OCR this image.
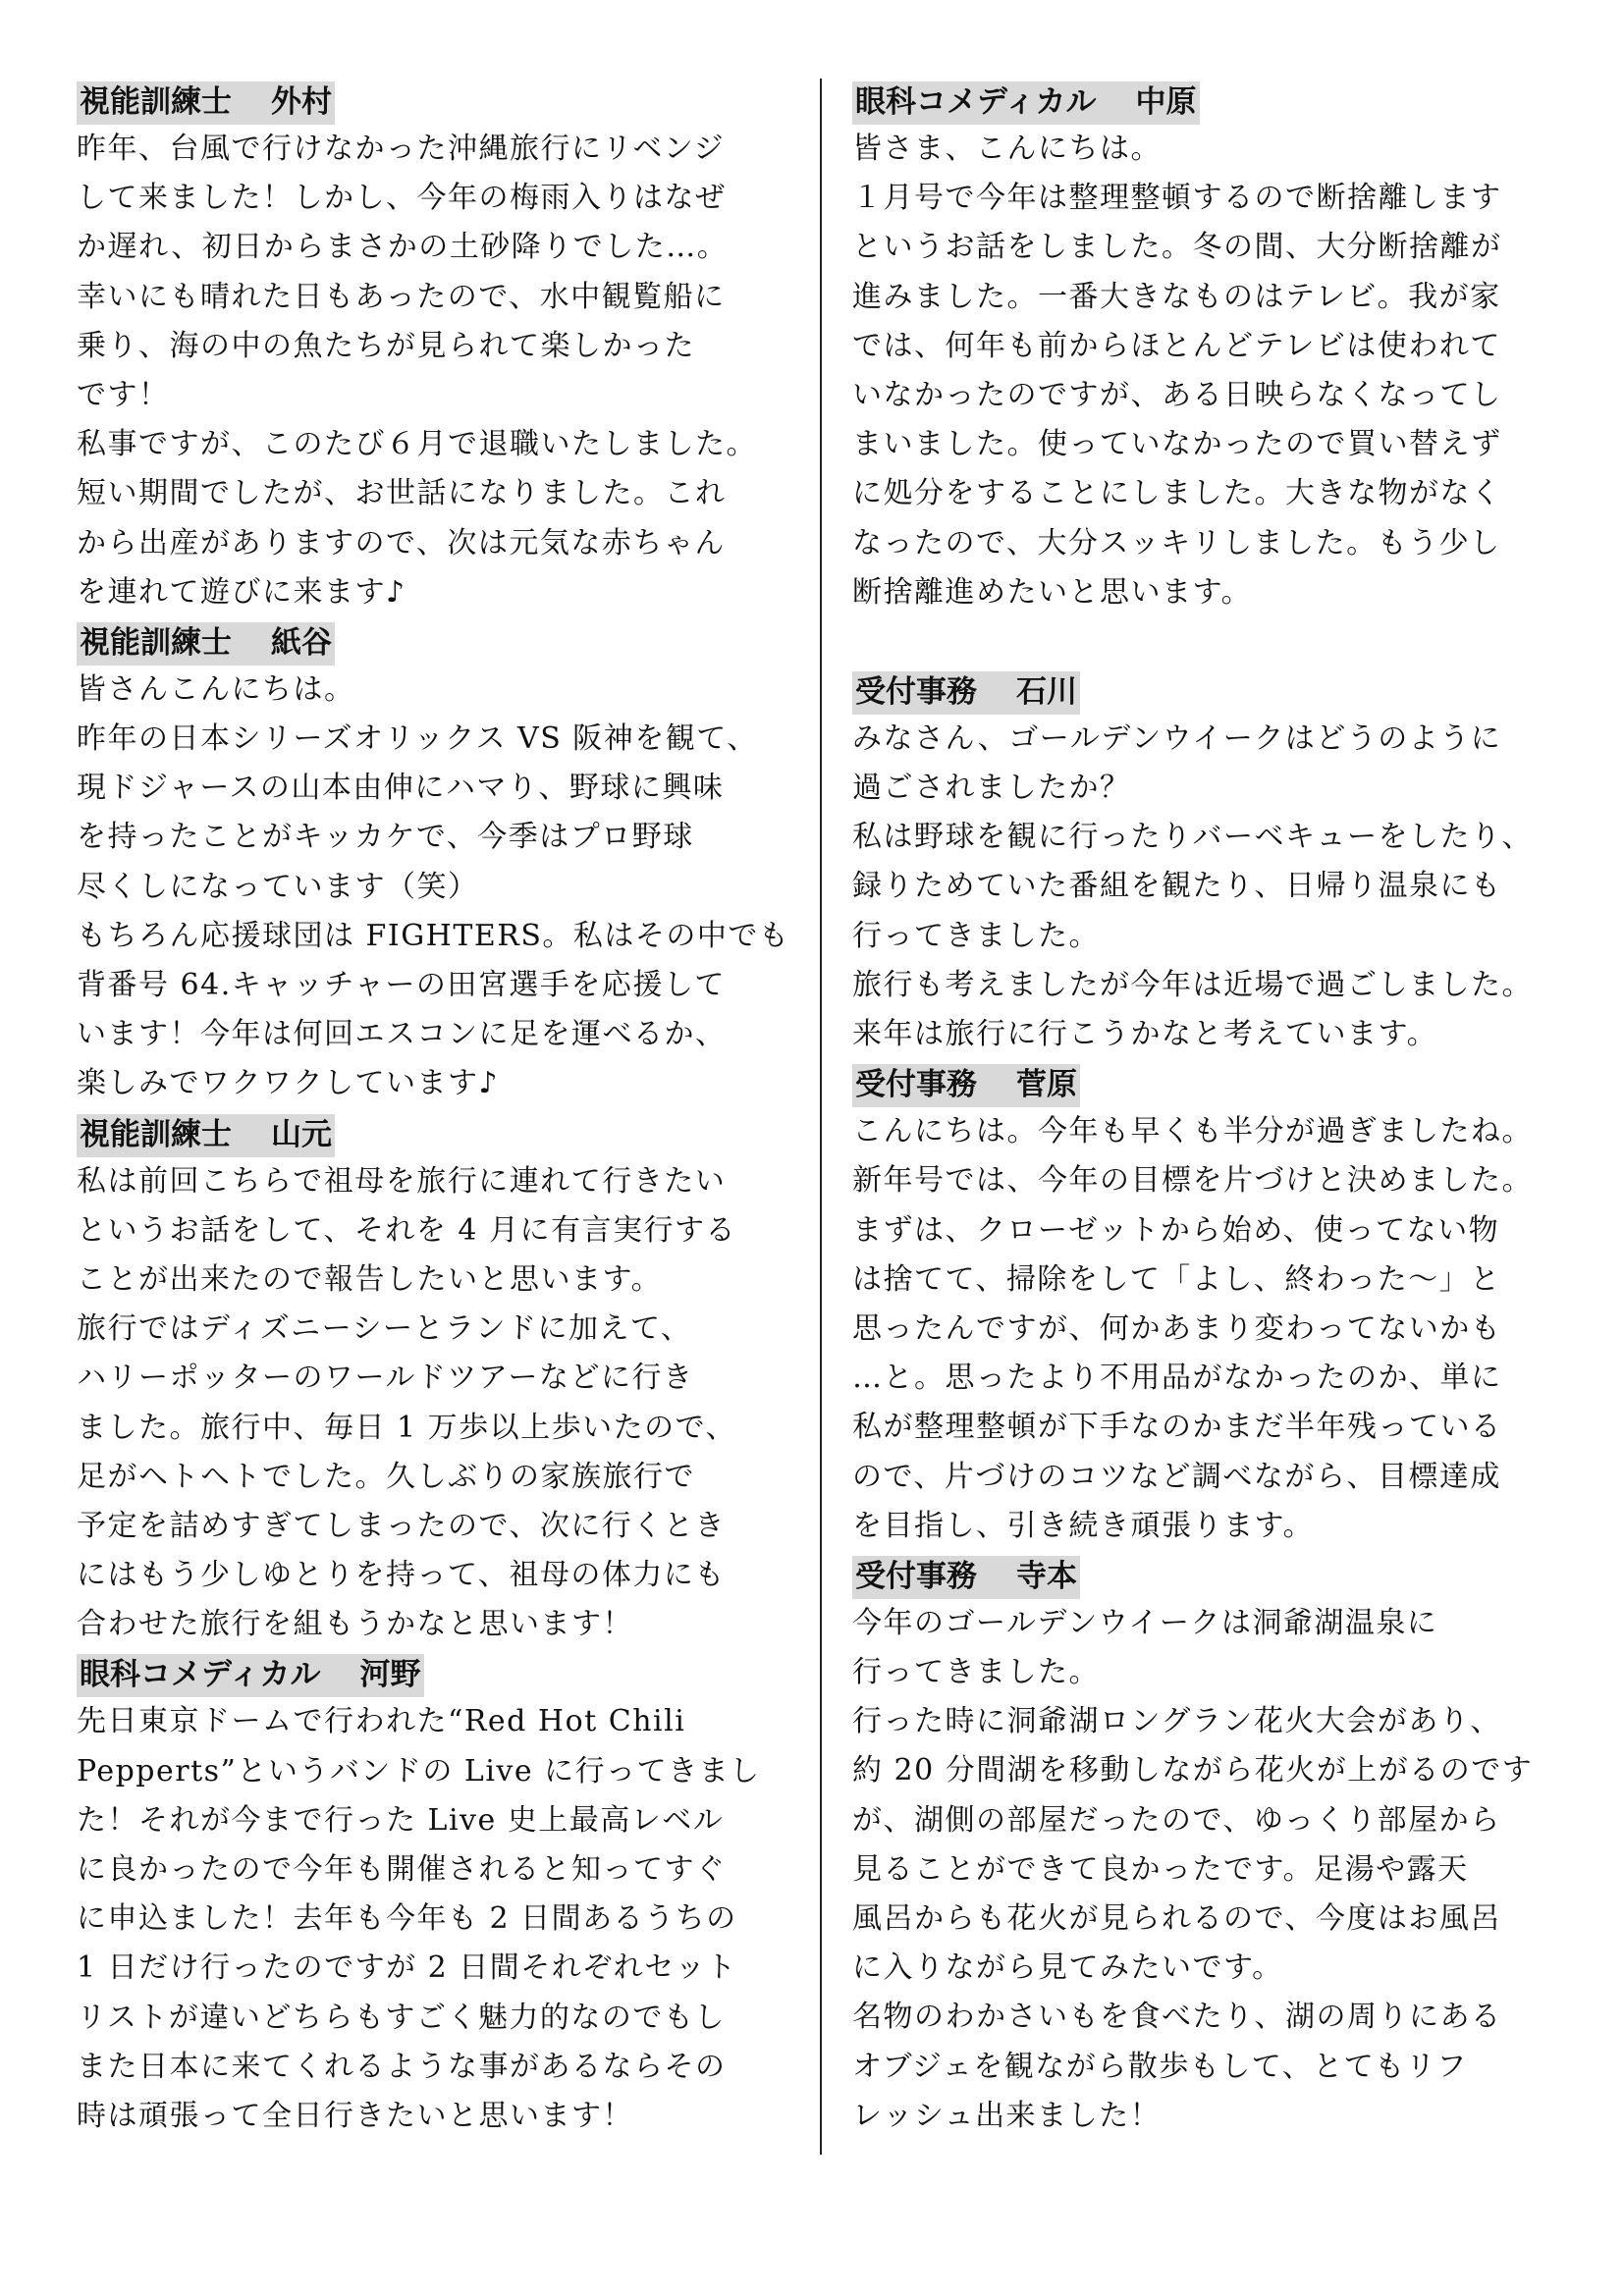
視能訓練士 外村
昨年、台風で行けなかった沖縄旅行にリベンジ
して来ました！しかし、今年の梅雨入りはなぜ
か遅れ、初日からまさかの土砂降りでした…。
幸いにも晴れた日もあったので、水中観覧船に
乗り、海の中の魚たちが見られて楽しかった
です！
私事ですが、このたび６月で退職いたしました。
短い期間でしたが、お世話になりました。これ
から出産がありますので、次は元気な赤ちゃん
を連れて遊びに来ます♪
視能訓練士 紙谷
皆さんこんにちは。
昨年の日本シリーズオリックス VS 阪神を観て、
現ドジャースの山本由伸にハマり、野球に興味
を持ったことがキッカケで、今季はプロ野球
尽くしになっています（笑）
もちろん応援球団は FIGHTERS。私はその中でも
背番号 64.キャッチャーの田宮選手を応援して
います！今年は何回エスコンに足を運べるか、
楽しみでワクワクしています♪
視能訓練士 山元
私は前回こちらで祖母を旅行に連れて行きたい
というお話をして、それを 4 月に有言実行する
ことが出来たので報告したいと思います。
旅行ではディズニーシーとランドに加えて、
ハリーポッターのワールドツアーなどに行き
ました。旅行中、毎日 1 万歩以上歩いたので、
足がヘトヘトでした。久しぶりの家族旅行で
予定を詰めすぎてしまったので、次に行くとき
にはもう少しゆとりを持って、祖母の体力にも
合わせた旅行を組もうかなと思います！
眼科コメディカル 河野
先日東京ドームで行われた“Red Hot Chili
Pepperts”というバンドの Live に行ってきまし
た！それが今まで行った Live 史上最高レベル
に良かったので今年も開催されると知ってすぐ
に申込ました！去年も今年も 2 日間あるうちの
1 日だけ行ったのですが 2 日間それぞれセット
リストが違いどちらもすごく魅力的なのでもし
また日本に来てくれるような事があるならその
時は頑張って全日行きたいと思います！
眼科コメディカル 中原
皆さま、こんにちは。
１月号で今年は整理整頓するので断捨離します
というお話をしました。冬の間、大分断捨離が
進みました。一番大きなものはテレビ。我が家
では、何年も前からほとんどテレビは使われて
いなかったのですが、ある日映らなくなってし
まいました。使っていなかったので買い替えず
に処分をすることにしました。大きな物がなく
なったので、大分スッキリしました。もう少し
断捨離進めたいと思います。
受付事務 石川
みなさん、ゴールデンウイークはどうのように
過ごされましたか？
私は野球を観に行ったりバーベキューをしたり、
録りためていた番組を観たり、日帰り温泉にも
行ってきました。
旅行も考えましたが今年は近場で過ごしました。
来年は旅行に行こうかなと考えています。
受付事務 菅原
こんにちは。今年も早くも半分が過ぎましたね。
新年号では、今年の目標を片づけと決めました。
まずは、クローゼットから始め、使ってない物
は捨てて、掃除をして「よし、終わった～」と
思ったんですが、何かあまり変わってないかも
…と。思ったより不用品がなかったのか、単に
私が整理整頓が下手なのかまだ半年残っている
ので、片づけのコツなど調べながら、目標達成
を目指し、引き続き頑張ります。
受付事務 寺本
今年のゴールデンウイークは洞爺湖温泉に
行ってきました。
行った時に洞爺湖ロングラン花火大会があり、
約 20 分間湖を移動しながら花火が上がるのです
が、湖側の部屋だったので、ゆっくり部屋から
見ることができて良かったです。足湯や露天
風呂からも花火が見られるので、今度はお風呂
に入りながら見てみたいです。
名物のわかさいもを食べたり、湖の周りにある
オブジェを観ながら散歩もして、とてもリフ
レッシュ出来ました！
